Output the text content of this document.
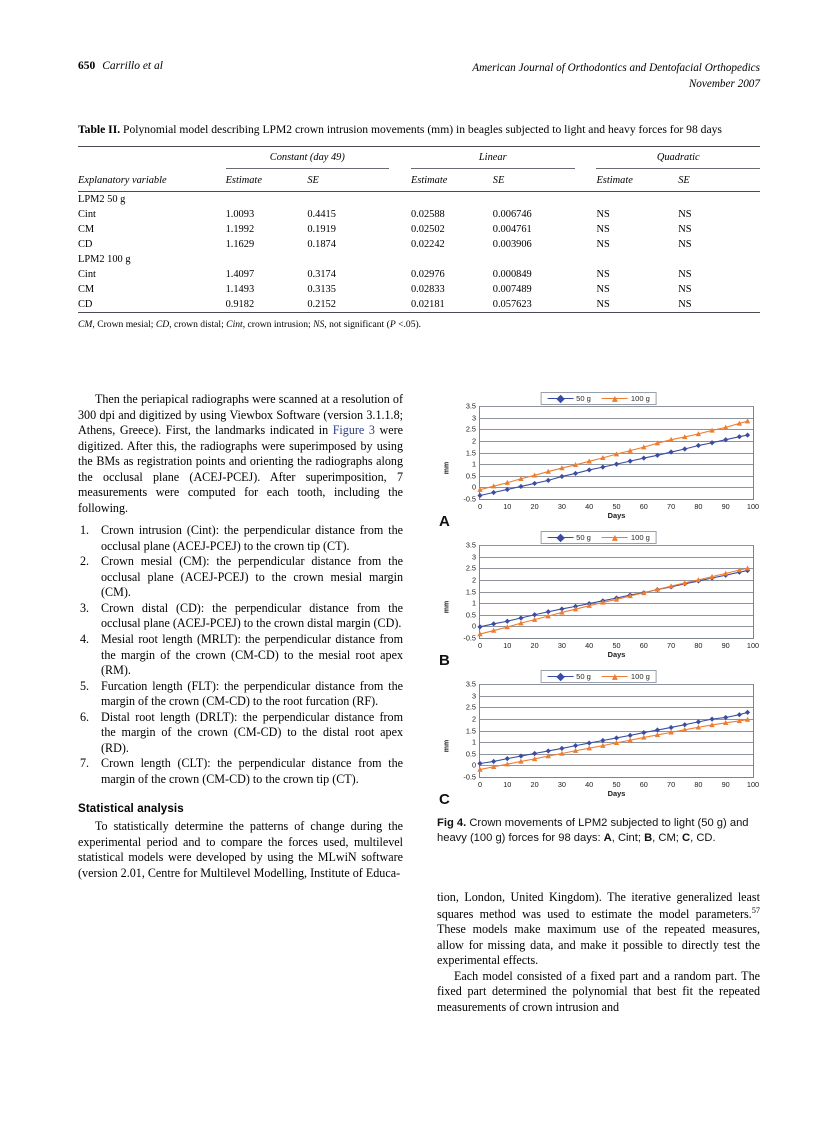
650 Carrillo et al	American Journal of Orthodontics and Dentofacial Orthopedics
November 2007
Table II. Polynomial model describing LPM2 crown intrusion movements (mm) in beagles subjected to light and heavy forces for 98 days
	Constant (day 49)			Linear			Quadratic	

Explanatory variable	Estimate	SE		Estimate	SE		Estimate	SE
LPM2 50 g								
Cint	1.0093	0.4415		0.02588	0.006746		NS	NS
CM	1.1992	0.1919		0.02502	0.004761		NS	NS
CD	1.1629	0.1874		0.02242	0.003906		NS	NS
LPM2 100 g								
Cint	1.4097	0.3174		0.02976	0.000849		NS	NS
CM	1.1493	0.3135		0.02833	0.007489		NS	NS
CD	0.9182	0.2152		0.02181	0.057623		NS	NS
CM, Crown mesial; CD, crown distal; Cint, crown intrusion; NS, not significant (P <.05).

Then the periapical radiographs were scanned at a resolution of 300 dpi and digitized by using Viewbox Software (version 3.1.1.8; Athens, Greece). First, the landmarks indicated in Figure 3 were digitized. After this, the radiographs were superimposed by using the BMs as registration points and orienting the radiographs along the occlusal plane (ACEJ-PCEJ). After superimposition, 7 measurements were computed for each tooth, including the following.

Crown intrusion (Cint): the perpendicular distance from the occlusal plane (ACEJ-PCEJ) to the crown tip (CT).
Crown mesial (CM): the perpendicular distance from the occlusal plane (ACEJ-PCEJ) to the crown mesial margin (CM).
Crown distal (CD): the perpendicular distance from the occlusal plane (ACEJ-PCEJ) to the crown distal margin (CD).
Mesial root length (MRLT): the perpendicular distance from the margin of the crown (CM-CD) to the mesial root apex (RM).
Furcation length (FLT): the perpendicular distance from the margin of the crown (CM-CD) to the root furcation (RF).
Distal root length (DRLT): the perpendicular distance from the margin of the crown (CM-CD) to the distal root apex (RD).
Crown length (CLT): the perpendicular distance from the margin of the crown (CM-CD) to the crown tip (CT).
Statistical analysis

To statistically determine the patterns of change during the experimental period and to compare the forces used, multilevel statistical models were developed by using the MLwiN software (version 2.01, Centre for Multilevel Modelling, Institute of Educa-

50 g	100 g
mm
-0.5
0
0.5
1
1.5
2
2.5
3
3.5
0	10	20	30	40	50	60	70	80	90 100
Days
A
50 g	100 g
mm
-0.5
0
0.5
1
1.5
2
2.5
3
3.5
0	10	20	30	40	50	60	70	80	90 100
Days
B
50 g	100 g
mm
-0.5
0
0.5
1
1.5
2
2.5
3
3.5
0	10	20	30	40	50	60	70	80	90 100
Days
C
Fig 4. Crown movements of LPM2 subjected to light (50 g) and heavy (100 g) forces for 98 days: A, Cint; B, CM; C, CD.

tion, London, United Kingdom). The iterative generalized least squares method was used to estimate the model parameters.$^{57}$ These models make maximum use of the repeated measures, allow for missing data, and make it possible to directly test the experimental effects.

Each model consisted of a fixed part and a random part. The fixed part determined the polynomial that best fit the repeated measurements of crown intrusion and
